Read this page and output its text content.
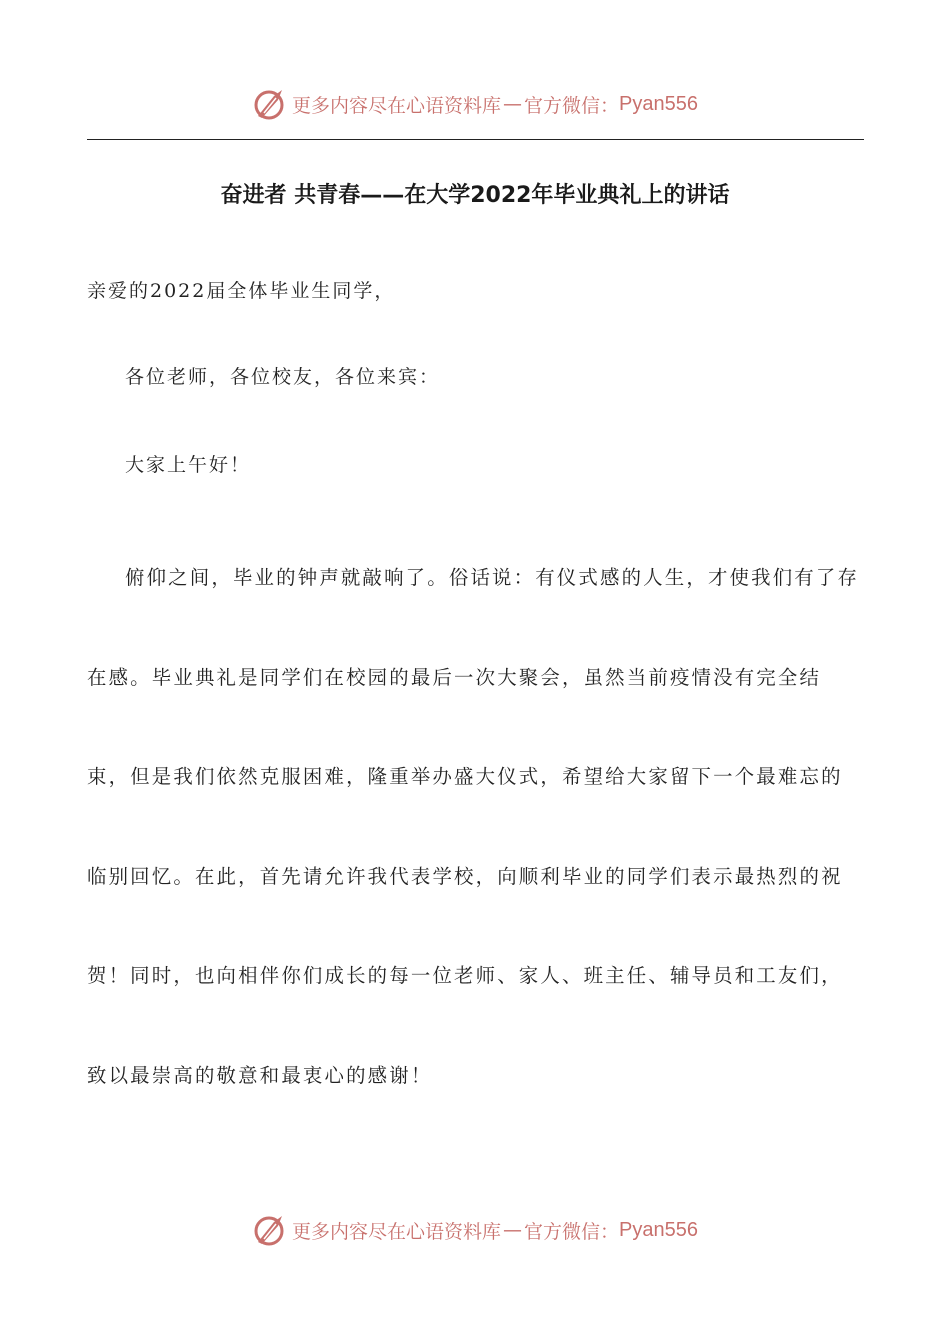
更多内容尽在心语资料库 — 官方微信： Pyan556
奋进者 共青春——在大学2022年毕业典礼上的讲话
亲爱的2022届全体毕业生同学，
各位老师，各位校友，各位来宾：
大家上午好！

俯仰之间，毕业的钟声就敲响了。俗话说：有仪式感的人生，才使我们有了存在感。毕业典礼是同学们在校园的最后一次大聚会，虽然当前疫情没有完全结束，但是我们依然克服困难，隆重举办盛大仪式，希望给大家留下一个最难忘的临别回忆。在此，首先请允许我代表学校，向顺利毕业的同学们表示最热烈的祝贺！同时，也向相伴你们成长的每一位老师、家人、班主任、辅导员和工友们，致以最崇高的敬意和最衷心的感谢！

更多内容尽在心语资料库 — 官方微信： Pyan556
